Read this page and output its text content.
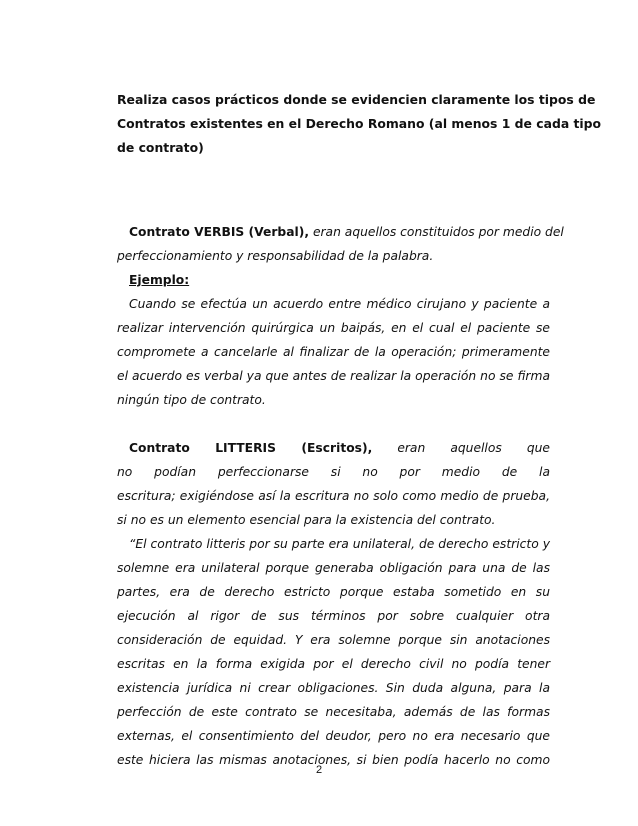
Realiza casos prácticos donde se evidencien claramente los tipos de
Contratos existentes en el Derecho Romano (al menos 1 de cada tipo
de contrato)
Contrato VERBIS (Verbal), eran aquellos constituidos por medio del
perfeccionamiento y responsabilidad de la palabra.
Ejemplo:
Cuando se efectúa un acuerdo entre médico cirujano y paciente a
realizar intervención quirúrgica un baipás, en el cual el paciente se
compromete a cancelarle al finalizar de la operación; primeramente
el acuerdo es verbal ya que antes de realizar la operación no se firma
ningún tipo de contrato.
Contrato LITTERIS (Escritos), eran aquellos que
no podían perfeccionarse si no por medio de la
escritura; exigiéndose así la escritura no solo como medio de prueba,
si no es un elemento esencial para la existencia del contrato.
“El contrato litteris por su parte era unilateral, de derecho estricto y
solemne era unilateral porque generaba obligación para una de las
partes, era de derecho estricto porque estaba sometido en su
ejecución al rigor de sus términos por sobre cualquier otra
consideración de equidad. Y era solemne porque sin anotaciones
escritas en la forma exigida por el derecho civil no podía tener
existencia jurídica ni crear obligaciones. Sin duda alguna, para la
perfección de este contrato se necesitaba, además de las formas
externas, el consentimiento del deudor, pero no era necesario que
este hiciera las mismas anotaciones, si bien podía hacerlo no como
2
